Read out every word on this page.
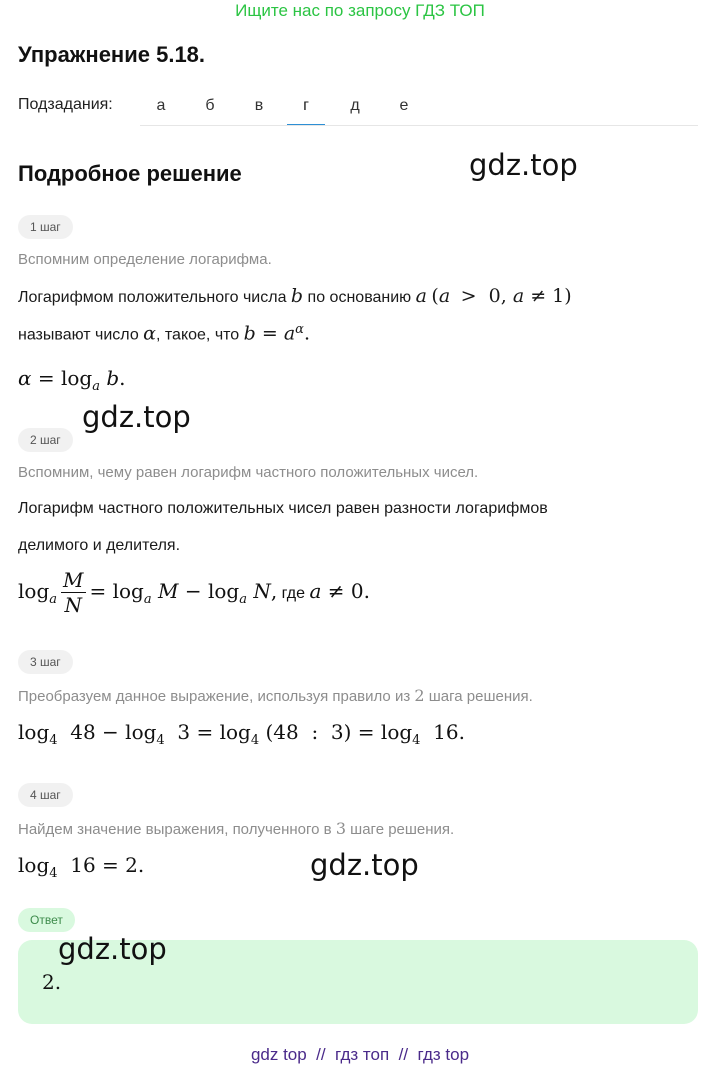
Ищите нас по запросу ГДЗ ТОП
Упражнение 5.18.
Подзадания:	а	б	в	г	д	е
Подробное решение	gdz.top
1 шаг
Вспомним определение логарифма.
Логарифмом положительного числа b по основанию a (a  >  0, a ≠ 1)
называют число α, такое, что $b = a^\alpha$.
$\alpha = \log_a b$.
gdz.top
2 шаг
Вспомним, чему равен логарифм частного положительных чисел.
Логарифм частного положительных чисел равен разности логарифмов
делимого и делителя.
$\log_a \frac{M}{N} = \log_a M - \log_a N$, где a ≠ 0.
3 шаг
Преобразуем данное выражение, используя правило из 2 шага решения.
$\log_4 48 - \log_4 3 = \log_4 (48$  :  $3) = \log_4 16$.
4 шаг
Найдем значение выражения, полученного в 3 шаге решения.
$\log_4 16 = 2$.	gdz.top
Ответ
2.
gdz.top
gdz top  //  гдз топ  //  гдз top
